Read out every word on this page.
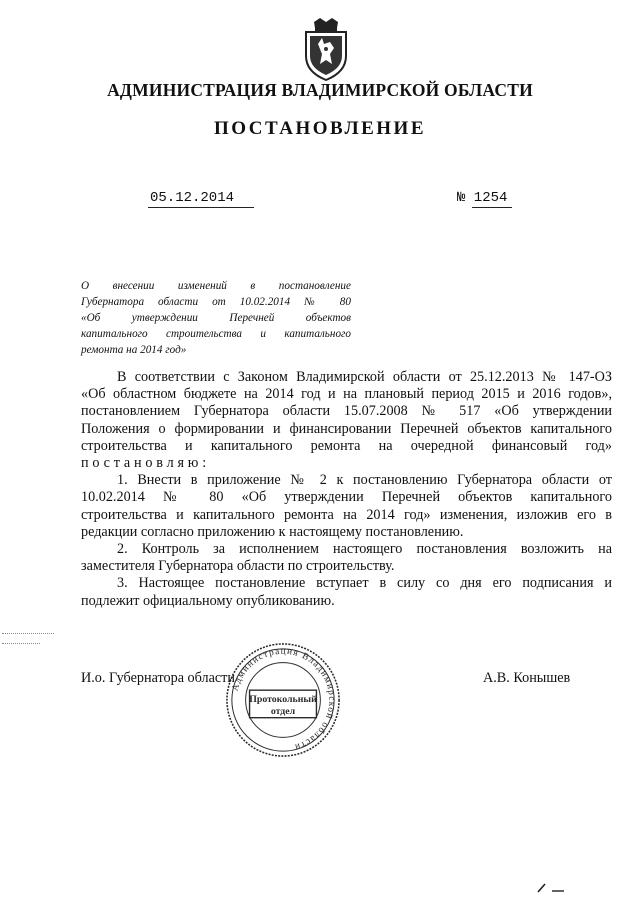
АДМИНИСТРАЦИЯ ВЛАДИМИРСКОЙ ОБЛАСТИ
ПОСТАНОВЛЕНИЕ
05.12.2014	№ 1254
О внесении изменений в постановление
Губернатора области от 10.02.2014 № 80
«Об утверждении Перечней объектов
капитального строительства и капитального
ремонта на 2014 год»
В соответствии с Законом Владимирской области от 25.12.2013 № 147-ОЗ
«Об областном бюджете на 2014 год и на плановый период 2015 и 2016 годов»,
постановлением Губернатора области 15.07.2008 № 517 «Об утверждении
Положения о формировании и финансировании Перечней объектов капитального
строительства и капитального ремонта на очередной финансовый год»
постановляю:
1. Внести в приложение № 2 к постановлению Губернатора области от
10.02.2014 № 80 «Об утверждении Перечней объектов капитального
строительства и капитального ремонта на 2014 год» изменения, изложив его в
редакции согласно приложению к настоящему постановлению.
2. Контроль за исполнением настоящего постановления возложить на
заместителя Губернатора области по строительству.
3. Настоящее постановление вступает в силу со дня его подписания и
подлежит официальному опубликованию.
И.о. Губернатора области	А.В. Конышев
Администрация Владимирской области
Протокольный
отдел
